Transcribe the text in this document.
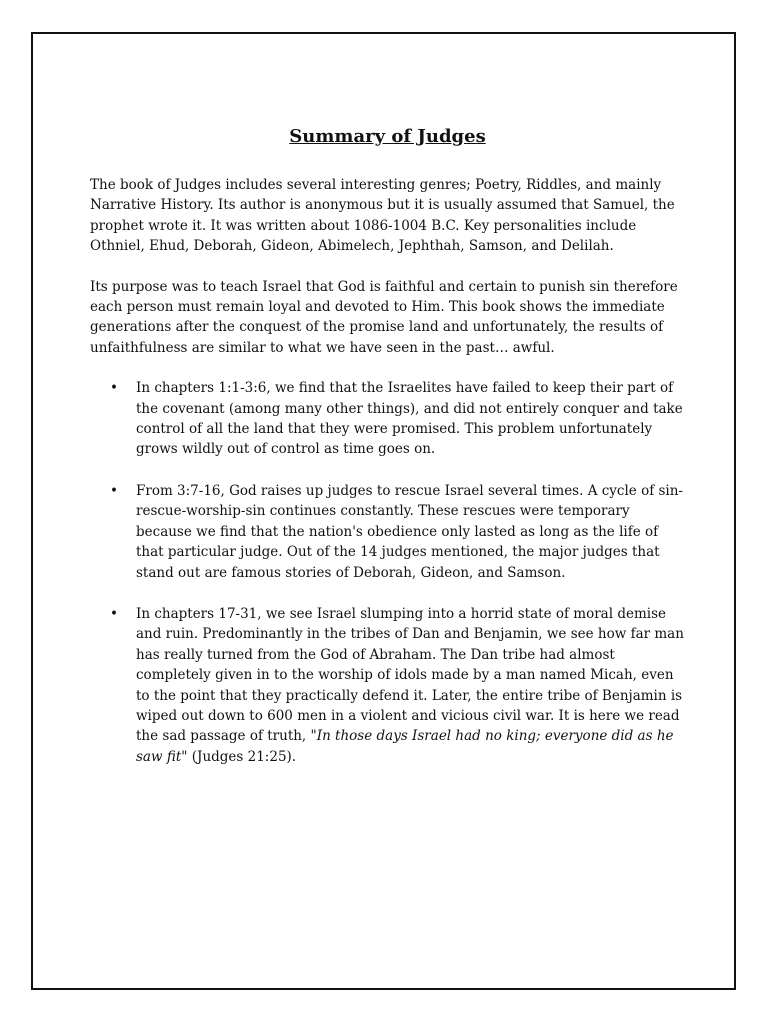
Summary of Judges

The book of Judges includes several interesting genres; Poetry, Riddles, and mainly Narrative History. Its author is anonymous but it is usually assumed that Samuel, the prophet wrote it. It was written about 1086-1004 B.C. Key personalities include Othniel, Ehud, Deborah, Gideon, Abimelech, Jephthah, Samson, and Delilah.

Its purpose was to teach Israel that God is faithful and certain to punish sin therefore each person must remain loyal and devoted to Him. This book shows the immediate generations after the conquest of the promise land and unfortunately, the results of unfaithfulness are similar to what we have seen in the past… awful.

• In chapters 1:1-3:6, we find that the Israelites have failed to keep their part of the covenant (among many other things), and did not entirely conquer and take control of all the land that they were promised. This problem unfortunately grows wildly out of control as time goes on.
• From 3:7-16, God raises up judges to rescue Israel several times. A cycle of sin-rescue-worship-sin continues constantly. These rescues were temporary because we find that the nation's obedience only lasted as long as the life of that particular judge. Out of the 14 judges mentioned, the major judges that stand out are famous stories of Deborah, Gideon, and Samson.
• In chapters 17-31, we see Israel slumping into a horrid state of moral demise and ruin. Predominantly in the tribes of Dan and Benjamin, we see how far man has really turned from the God of Abraham. The Dan tribe had almost completely given in to the worship of idols made by a man named Micah, even to the point that they practically defend it. Later, the entire tribe of Benjamin is wiped out down to 600 men in a violent and vicious civil war. It is here we read the sad passage of truth, "In those days Israel had no king; everyone did as he saw fit" (Judges 21:25).
